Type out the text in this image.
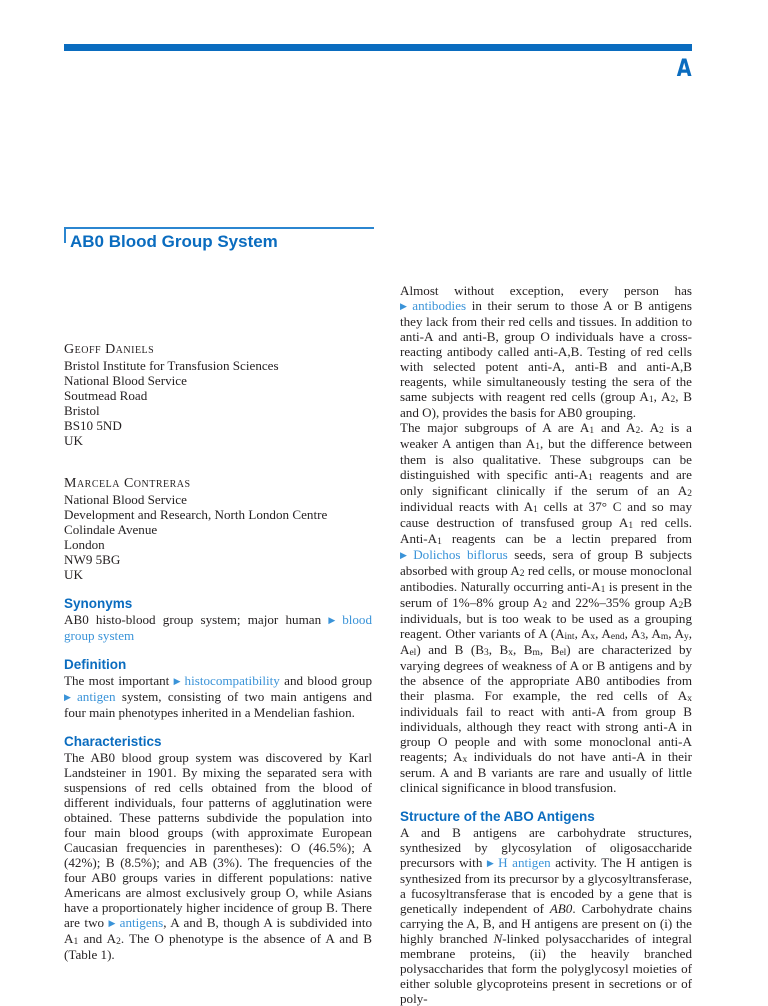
A
AB0 Blood Group System
Geoff Daniels
Bristol Institute for Transfusion Sciences
National Blood Service
Soutmead Road
Bristol
BS10 5ND
UK
Marcela Contreras
National Blood Service
Development and Research, North London Centre
Colindale Avenue
London
NW9 5BG
UK
Synonyms

AB0 histo-blood group system; major human ▶ blood group system

Definition

The most important ▶ histocompatibility and blood group ▶ antigen system, consisting of two main antigens and four main phenotypes inherited in a Mendelian fashion.

Characteristics

The AB0 blood group system was discovered by Karl Landsteiner in 1901. By mixing the separated sera with suspensions of red cells obtained from the blood of different individuals, four patterns of agglutination were obtained. These patterns subdivide the population into four main blood groups (with approximate European Caucasian frequencies in parentheses): O (46.5%); A (42%); B (8.5%); and AB (3%). The frequencies of the four AB0 groups varies in different populations: native Americans are almost exclusively group O, while Asians have a proportionately higher incidence of group B. There are two ▶ antigens, A and B, though A is subdivided into $A_1$ and $A_2$. The O phenotype is the absence of A and B (Table 1).

Almost without exception, every person has ▶ antibodies in their serum to those A or B antigens they lack from their red cells and tissues. In addition to anti-A and anti-B, group O individuals have a cross-reacting antibody called anti-A,B. Testing of red cells with selected potent anti-A, anti-B and anti-A,B reagents, while simultaneously testing the sera of the same subjects with reagent red cells (group $A_1$, $A_2$, B and O), provides the basis for AB0 grouping.

The major subgroups of A are $A_1$ and $A_2$. $A_2$ is a weaker A antigen than $A_1$, but the difference between them is also qualitative. These subgroups can be distinguished with specific anti-$A_1$ reagents and are only significant clinically if the serum of an $A_2$ individual reacts with $A_1$ cells at 37° C and so may cause destruction of transfused group $A_1$ red cells. Anti-$A_1$ reagents can be a lectin prepared from ▶ Dolichos biflorus seeds, sera of group B subjects absorbed with group $A_2$ red cells, or mouse monoclonal antibodies. Naturally occurring anti-$A_1$ is present in the serum of 1%–8% group $A_2$ and 22%–35% group $A_2B$ individuals, but is too weak to be used as a grouping reagent. Other variants of A ($A_{int}$, $A_x$, $A_{end}$, $A_3$, $A_m$, $A_y$, $A_{el}$) and B ($B_3$, $B_x$, $B_m$, $B_{el}$) are characterized by varying degrees of weakness of A or B antigens and by the absence of the appropriate AB0 antibodies from their plasma. For example, the red cells of $A_x$ individuals fail to react with anti-A from group B individuals, although they react with strong anti-A in group O people and with some monoclonal anti-A reagents; $A_x$ individuals do not have anti-A in their serum. A and B variants are rare and usually of little clinical significance in blood transfusion.

Structure of the ABO Antigens

A and B antigens are carbohydrate structures, synthesized by glycosylation of oligosaccharide precursors with ▶ H antigen activity. The H antigen is synthesized from its precursor by a glycosyltransferase, a fucosyltransferase that is encoded by a gene that is genetically independent of AB0. Carbohydrate chains carrying the A, B, and H antigens are present on (i) the highly branched N-linked polysaccharides of integral membrane proteins, (ii) the heavily branched polysaccharides that form the polyglycosyl moieties of either soluble glycoproteins present in secretions or of poly-
